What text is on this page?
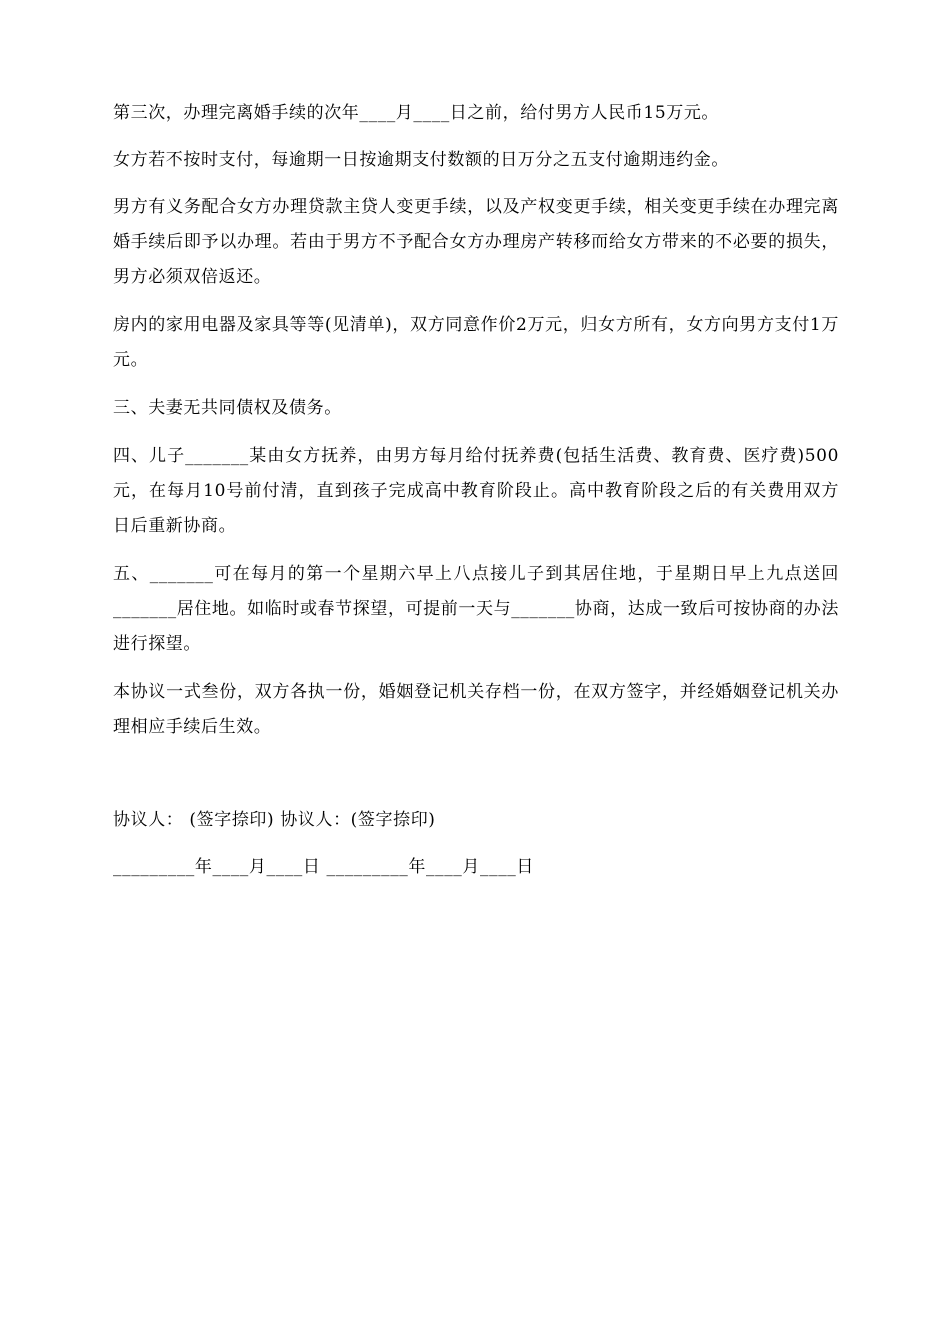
第三次，办理完离婚手续的次年____月____日之前，给付男方人民币15万元。

女方若不按时支付，每逾期一日按逾期支付数额的日万分之五支付逾期违约金。

男方有义务配合女方办理贷款主贷人变更手续，以及产权变更手续，相关变更手续在办理完离婚手续后即予以办理。若由于男方不予配合女方办理房产转移而给女方带来的不必要的损失，男方必须双倍返还。

房内的家用电器及家具等等(见清单)，双方同意作价2万元，归女方所有，女方向男方支付1万元。

三、夫妻无共同债权及债务。

四、儿子_______某由女方抚养，由男方每月给付抚养费(包括生活费、教育费、医疗费)500元，在每月10号前付清，直到孩子完成高中教育阶段止。高中教育阶段之后的有关费用双方日后重新协商。

五、_______可在每月的第一个星期六早上八点接儿子到其居住地，于星期日早上九点送回_______居住地。如临时或春节探望，可提前一天与_______协商，达成一致后可按协商的办法进行探望。

本协议一式叁份，双方各执一份，婚姻登记机关存档一份，在双方签字，并经婚姻登记机关办理相应手续后生效。

协议人： (签字捺印) 协议人：(签字捺印)
_________年____月____日 _________年____月____日
